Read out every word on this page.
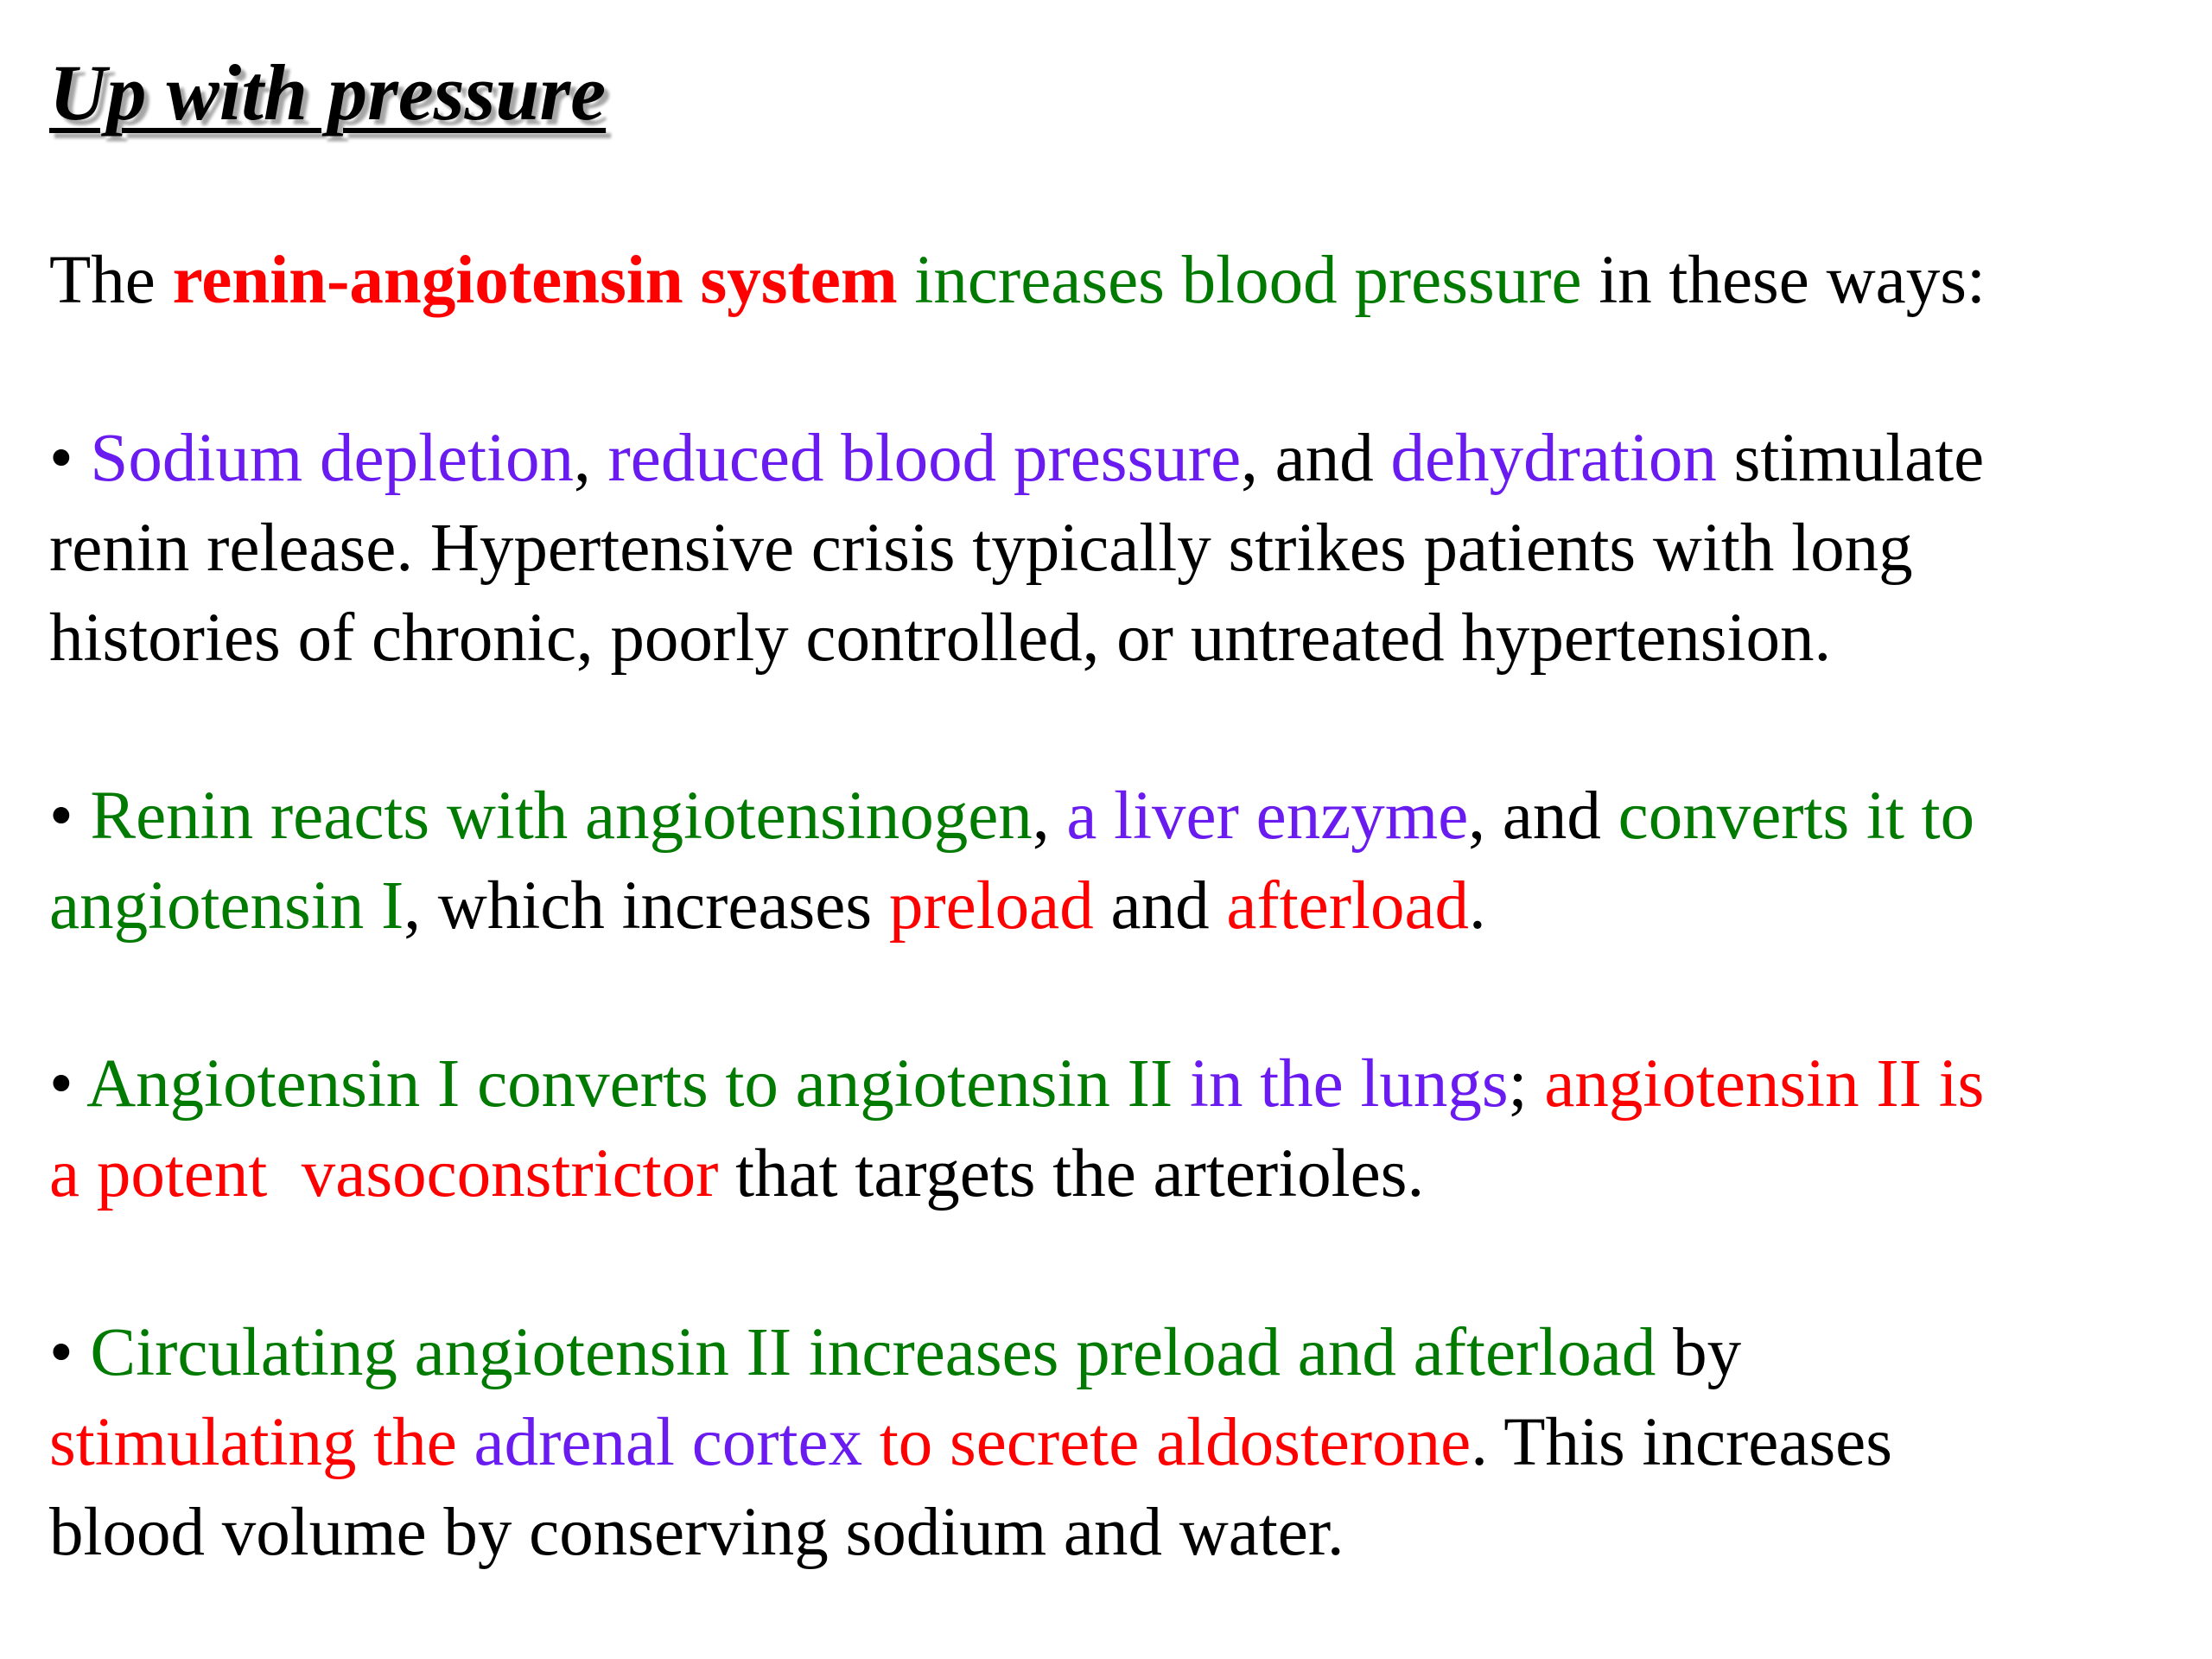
Up with pressure

The renin-angiotensin system increases blood pressure in these ways:

• Sodium depletion, reduced blood pressure, and dehydration stimulate
renin release. Hypertensive crisis typically strikes patients with long
histories of chronic, poorly controlled, or untreated hypertension.
• Renin reacts with angiotensinogen, a liver enzyme, and converts it to
angiotensin I, which increases preload and afterload.
• Angiotensin I converts to angiotensin II in the lungs; angiotensin II is
a potent  vasoconstrictor that targets the arterioles.
• Circulating angiotensin II increases preload and afterload by
stimulating the adrenal cortex to secrete aldosterone. This increases
blood volume by conserving sodium and water.
